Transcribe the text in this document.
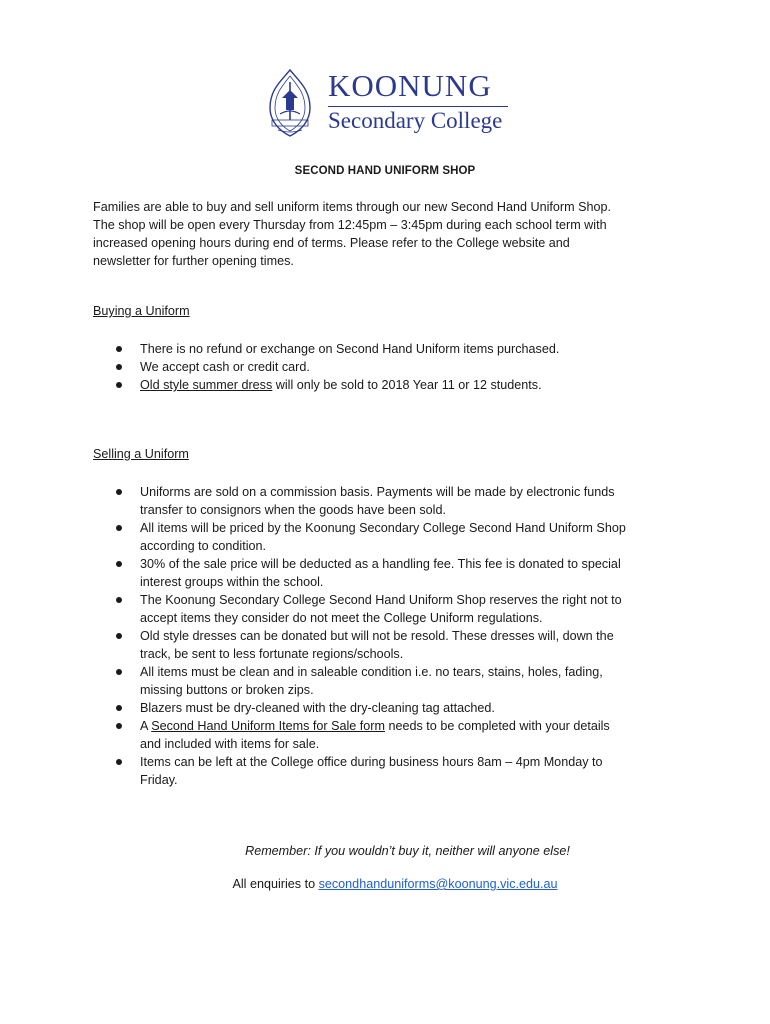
KOONUNG
Secondary College
SECOND HAND UNIFORM SHOP

Families are able to buy and sell uniform items through our new Second Hand Uniform Shop.

The shop will be open every Thursday from 12:45pm – 3:45pm during each school term with

increased opening hours during end of terms. Please refer to the College website and

newsletter for further opening times.

Buying a Uniform
There is no refund or exchange on Second Hand Uniform items purchased.
We accept cash or credit card.
Old style summer dress will only be sold to 2018 Year 11 or 12 students.
Selling a Uniform
Uniforms are sold on a commission basis. Payments will be made by electronic funds
transfer to consignors when the goods have been sold.
All items will be priced by the Koonung Secondary College Second Hand Uniform Shop
according to condition.
30% of the sale price will be deducted as a handling fee. This fee is donated to special
interest groups within the school.
The Koonung Secondary College Second Hand Uniform Shop reserves the right not to
accept items they consider do not meet the College Uniform regulations.
Old style dresses can be donated but will not be resold. These dresses will, down the
track, be sent to less fortunate regions/schools.
All items must be clean and in saleable condition i.e. no tears, stains, holes, fading,
missing buttons or broken zips.
Blazers must be dry-cleaned with the dry-cleaning tag attached.
A Second Hand Uniform Items for Sale form needs to be completed with your details
and included with items for sale.
Items can be left at the College office during business hours 8am – 4pm Monday to
Friday.
Remember: If you wouldn’t buy it, neither will anyone else!
All enquiries to secondhanduniforms@koonung.vic.edu.au
